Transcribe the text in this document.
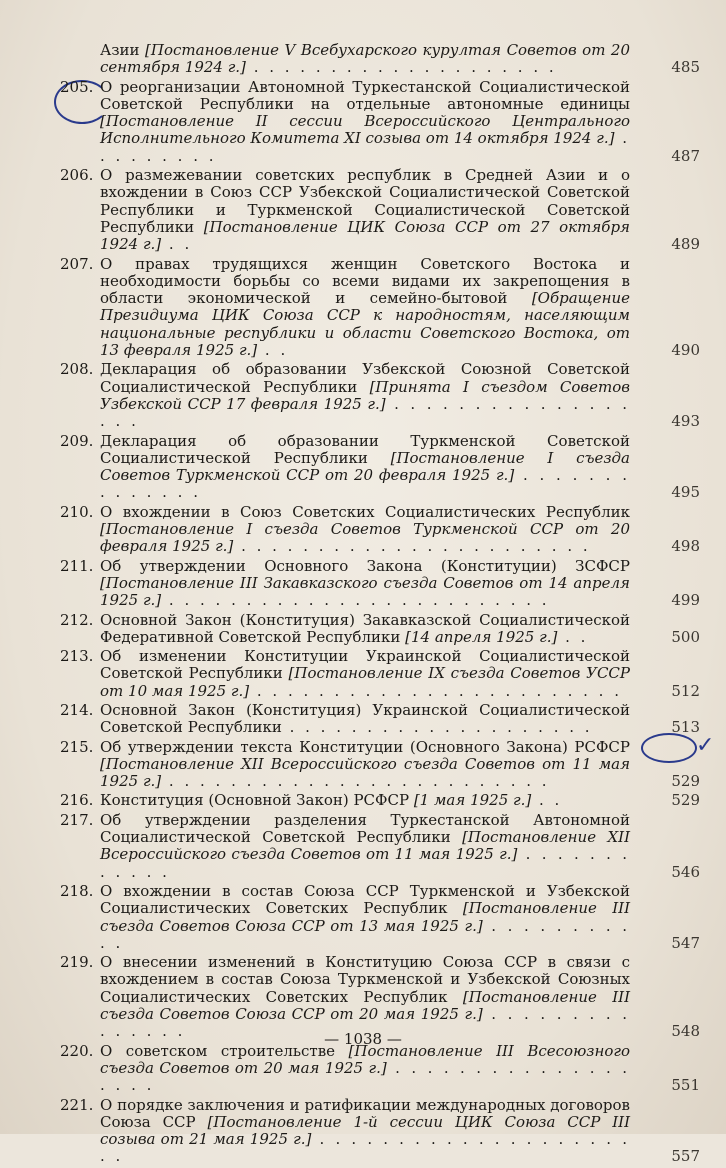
✓
Азии [Постановление V Всебухарского курултая Советов от 20 сентября 1924 г.] . . . . . . . . . . . . . . . . . . . .	485
205. О реорганизации Автономной Туркестанской Социалистической Советской Республики на отдельные автономные единицы [Постановление II сессии Всероссийского Центрального Исполнительного Комитета XI созыва от 14 октября 1924 г.] . . . . . . . . .	487
206. О размежевании советских республик в Средней Азии и о вхождении в Союз ССР Узбекской Социалистической Советской Республики и Туркменской Социалистической Советской Республики [Постановление ЦИК Союза ССР от 27 октября 1924 г.] . .	489
207. О правах трудящихся женщин Советского Востока и необходимости борьбы со всеми видами их закрепощения в области экономической и семейно-бытовой [Обращение Президиума ЦИК Союза ССР к народностям, населяющим национальные республики и области Советского Востока, от 13 февраля 1925 г.] . .	490
208. Декларация об образовании Узбекской Союзной Советской Социалистической Республики [Принята I съездом Советов Узбекской ССР 17 февраля 1925 г.] . . . . . . . . . . . . . . . . . .	493
209. Декларация об образовании Туркменской Советской Социалистической Республики [Постановление I съезда Советов Туркменской ССР от 20 февраля 1925 г.] . . . . . . . . . . . . . .	495
210. О вхождении в Союз Советских Социалистических Республик [Постановление I съезда Советов Туркменской ССР от 20 февраля 1925 г.] . . . . . . . . . . . . . . . . . . . . . . .	498
211. Об утверждении Основного Закона (Конституции) ЗСФСР [Постановление III Закавказского съезда Советов от 14 апреля 1925 г.] . . . . . . . . . . . . . . . . . . . . . . . . .	499
212. Основной Закон (Конституция) Закавказской Социалистической Федеративной Советской Республики [14 апреля 1925 г.] . .	500
213. Об изменении Конституции Украинской Социалистической Советской Республики [Постановление IX съезда Советов УССР от 10 мая 1925 г.] . . . . . . . . . . . . . . . . . . . . . . . .	512
214. Основной Закон (Конституция) Украинской Социалистической Советской Республики . . . . . . . . . . . . . . . . . . . .	513
215. Об утверждении текста Конституции (Основного Закона) РСФСР [Постановление XII Всероссийского съезда Советов от 11 мая 1925 г.] . . . . . . . . . . . . . . . . . . . . . . . . .	529
216. Конституция (Основной Закон) РСФСР [1 мая 1925 г.] . .	529
217. Об утверждении разделения Туркестанской Автономной Социалистической Советской Республики [Постановление XII Всероссийского съезда Советов от 11 мая 1925 г.] . . . . . . . . . . . .	546
218. О вхождении в состав Союза ССР Туркменской и Узбекской Социалистических Советских Республик [Постановление III съезда Советов Союза ССР от 13 мая 1925 г.] . . . . . . . . . . .	547
219. О внесении изменений в Конституцию Союза ССР в связи с вхождением в состав Союза Туркменской и Узбекской Союзных Социалистических Советских Республик [Постановление III съезда Советов Союза ССР от 20 мая 1925 г.] . . . . . . . . . . . . . . .	548
220. О советском строительстве [Постановление III Всесоюзного съезда Советов от 20 мая 1925 г.] . . . . . . . . . . . . . . . . . . .	551
221. О порядке заключения и ратификации международных договоров Союза ССР [Постановление 1-й сессии ЦИК Союза ССР III созыва от 21 мая 1925 г.] . . . . . . . . . . . . . . . . . . . . . .	557
— 1038 —
